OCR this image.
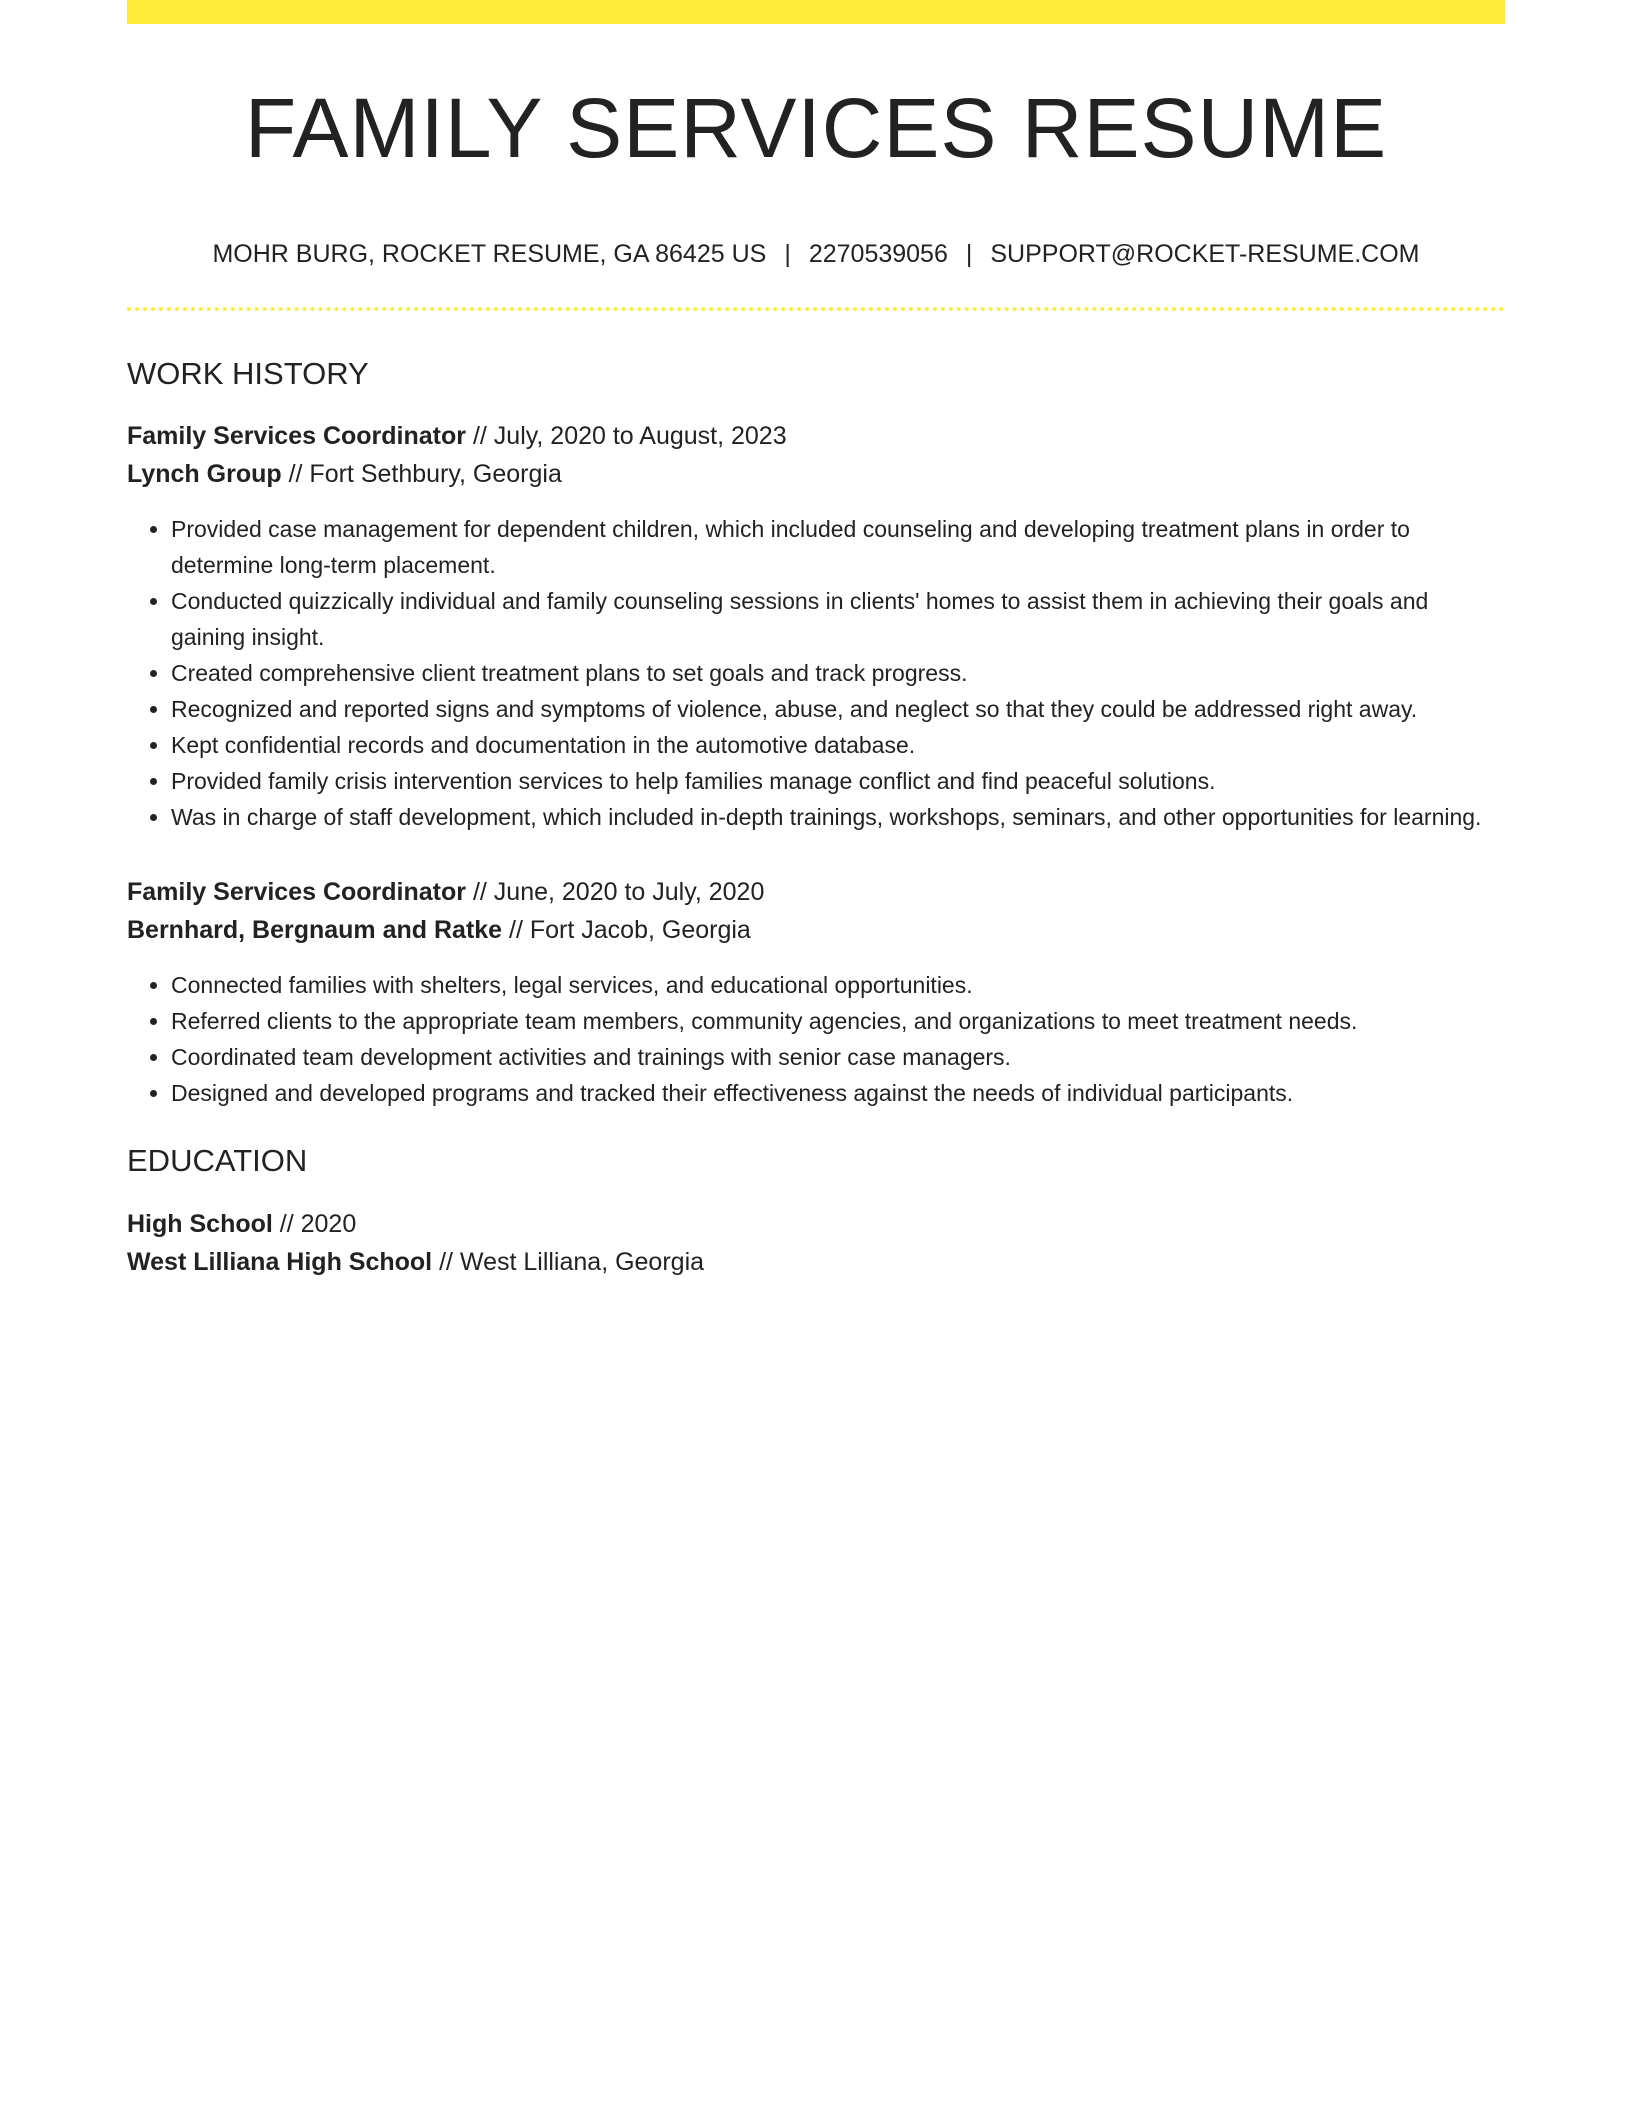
FAMILY SERVICES RESUME
MOHR BURG, ROCKET RESUME, GA 86425 US | 2270539056 | SUPPORT@ROCKET-RESUME.COM
WORK HISTORY

Family Services Coordinator // July, 2020 to August, 2023

Lynch Group // Fort Sethbury, Georgia

• Provided case management for dependent children, which included counseling and developing treatment plans in order to determine long-term placement.
• Conducted quizzically individual and family counseling sessions in clients' homes to assist them in achieving their goals and gaining insight.
• Created comprehensive client treatment plans to set goals and track progress.
• Recognized and reported signs and symptoms of violence, abuse, and neglect so that they could be addressed right away.
• Kept confidential records and documentation in the automotive database.
• Provided family crisis intervention services to help families manage conflict and find peaceful solutions.
• Was in charge of staff development, which included in-depth trainings, workshops, seminars, and other opportunities for learning.

Family Services Coordinator // June, 2020 to July, 2020

Bernhard, Bergnaum and Ratke // Fort Jacob, Georgia

• Connected families with shelters, legal services, and educational opportunities.
• Referred clients to the appropriate team members, community agencies, and organizations to meet treatment needs.
• Coordinated team development activities and trainings with senior case managers.
• Designed and developed programs and tracked their effectiveness against the needs of individual participants.
EDUCATION

High School // 2020

West Lilliana High School // West Lilliana, Georgia
